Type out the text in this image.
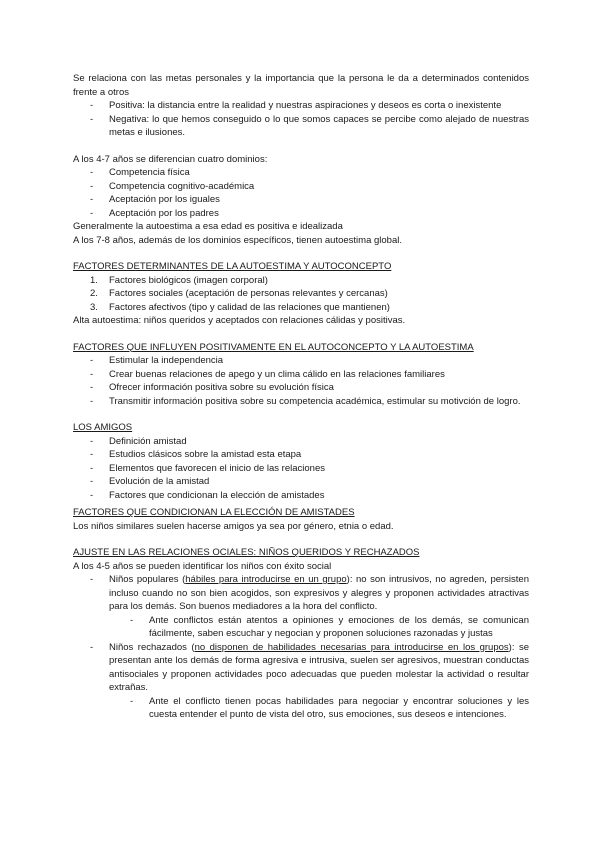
Se relaciona con las metas personales y la importancia que la persona le da a determinados contenidos frente a otros

- Positiva: la distancia entre la realidad y nuestras aspiraciones y deseos es corta o inexistente
- Negativa: lo que hemos conseguido o lo que somos capaces se percibe como alejado de nuestras metas e ilusiones.

A los 4-7 años se diferencian cuatro dominios:

- Competencia física
- Competencia cognitivo-académica
- Aceptación por los iguales
- Aceptación por los padres

Generalmente la autoestima a esa edad es positiva e idealizada

A los 7-8 años, además de los dominios específicos, tienen autoestima global.

FACTORES DETERMINANTES DE LA AUTOESTIMA Y AUTOCONCEPTO

1. Factores biológicos (imagen corporal)
2. Factores sociales (aceptación de personas relevantes y cercanas)
3. Factores afectivos (tipo y calidad de las relaciones que mantienen)

Alta autoestima: niños queridos y aceptados con relaciones cálidas y positivas.

FACTORES QUE INFLUYEN POSITIVAMENTE EN EL AUTOCONCEPTO Y LA AUTOESTIMA

- Estimular la independencia
- Crear buenas relaciones de apego y un clima cálido en las relaciones familiares
- Ofrecer información positiva sobre su evolución física
- Transmitir información positiva sobre su competencia académica, estimular su motivción de logro.

LOS AMIGOS

- Definición amistad
- Estudios clásicos sobre la amistad esta etapa
- Elementos que favorecen el inicio de las relaciones
- Evolución de la amistad
- Factores que condicionan la elección de amistades

FACTORES QUE CONDICIONAN LA ELECCIÓN DE AMISTADES

Los niños similares suelen hacerse amigos ya sea por género, etnia o edad.

AJUSTE EN LAS RELACIONES OCIALES: NIÑOS QUERIDOS Y RECHAZADOS

A los 4-5 años se pueden identificar los niños con éxito social

- Niños populares (hábiles para introducirse en un grupo): no son intrusivos, no agreden, persisten incluso cuando no son bien acogidos, son expresivos y alegres y proponen actividades atractivas para los demás. Son buenos mediadores a la hora del conflicto.
- Ante conflictos están atentos a opiniones y emociones de los demás, se comunican fácilmente, saben escuchar y negocian y proponen soluciones razonadas y justas
- Niños rechazados (no disponen de habilidades necesarias para introducirse en los grupos): se presentan ante los demás de forma agresiva e intrusiva, suelen ser agresivos, muestran conductas antisociales y proponen actividades poco adecuadas que pueden molestar la actividad o resultar extrañas.
- Ante el conflicto tienen pocas habilidades para negociar y encontrar soluciones y les cuesta entender el punto de vista del otro, sus emociones, sus deseos e intenciones.
